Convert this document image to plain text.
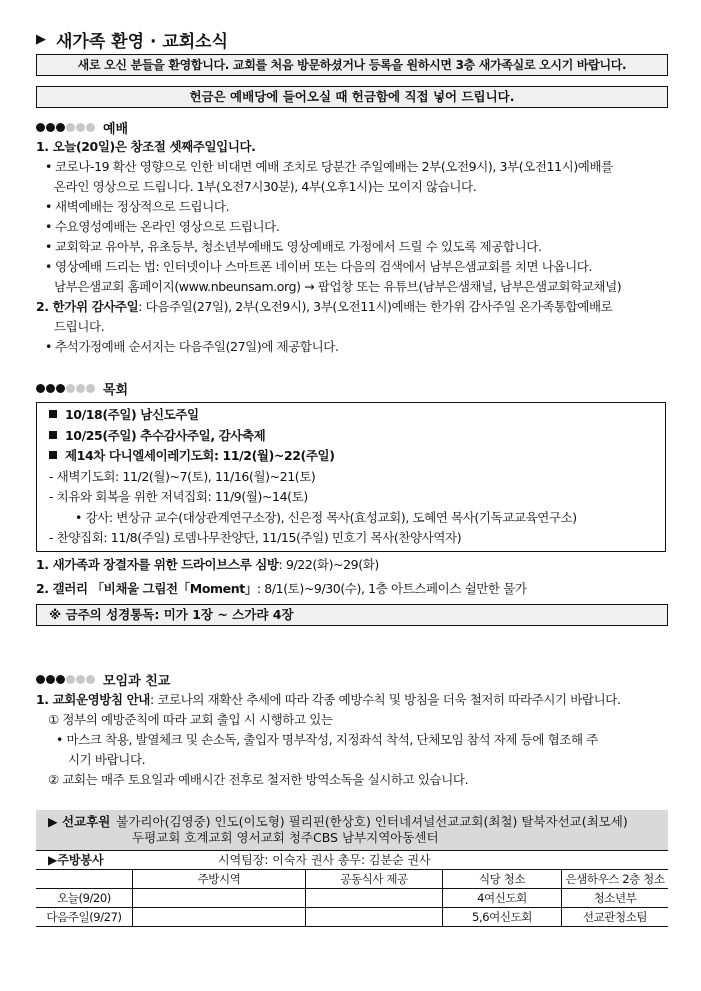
▶ 새가족 환영 · 교회소식
새로 오신 분들을 환영합니다. 교회를 처음 방문하셨거나 등록을 원하시면 3층 새가족실로 오시기 바랍니다.
헌금은 예배당에 들어오실 때 헌금함에 직접 넣어 드립니다.
예배
1. 오늘(20일)은 창조절 셋째주일입니다.
• 코로나-19 확산 영향으로 인한 비대면 예배 조치로 당분간 주일예배는 2부(오전9시), 3부(오전11시)예배를
온라인 영상으로 드립니다. 1부(오전7시30분), 4부(오후1시)는 모이지 않습니다.
• 새벽예배는 정상적으로 드립니다.
• 수요영성예배는 온라인 영상으로 드립니다.
• 교회학교 유아부, 유초등부, 청소년부예배도 영상예배로 가정에서 드릴 수 있도록 제공합니다.
• 영상예배 드리는 법: 인터넷이나 스마트폰 네이버 또는 다음의 검색에서 남부은샘교회를 치면 나옵니다.
남부은샘교회 홈페이지(www.nbeunsam.org) → 팝업창 또는 유튜브(남부은샘채널, 남부은샘교회학교채널)
2. 한가위 감사주일: 다음주일(27일), 2부(오전9시), 3부(오전11시)예배는 한가위 감사주일 온가족통합예배로
드립니다.
• 추석가정예배 순서지는 다음주일(27일)에 제공합니다.
목회
10/18(주일) 남신도주일
10/25(주일) 추수감사주일, 감사축제
제14차 다니엘세이레기도회: 11/2(월)~22(주일)
- 새벽기도회: 11/2(월)~7(토), 11/16(월)~21(토)
- 치유와 회복을 위한 저녁집회: 11/9(월)~14(토)
• 강사: 변상규 교수(대상관계연구소장), 신은정 목사(효성교회), 도혜연 목사(기독교교육연구소)
- 찬양집회: 11/8(주일) 로뎀나무찬양단, 11/15(주일) 민호기 목사(찬양사역자)
1. 새가족과 장결자를 위한 드라이브스루 심방: 9/22(화)~29(화)
2. 갤러리 「비채울 그림전「Moment」: 8/1(토)~9/30(수), 1층 아트스페이스 쉴만한 물가
※ 금주의 성경통독: 미가 1장 ~ 스가랴 4장
모임과 친교
1. 교회운영방침 안내: 코로나의 재확산 추세에 따라 각종 예방수칙 및 방침을 더욱 철저히 따라주시기 바랍니다.
① 정부의 예방준칙에 따라 교회 출입 시 시행하고 있는
• 마스크 착용, 발열체크 및 손소독, 출입자 명부작성, 지정좌석 착석, 단체모임 참석 자제 등에 협조해 주
시기 바랍니다.
② 교회는 매주 토요일과 예배시간 전후로 철저한 방역소독을 실시하고 있습니다.
▶ 선교후원 불가리아(김영중) 인도(이도형) 필리핀(한상호) 인터네셔널선교교회(최철) 탈북자선교(최모세)
두평교회 호계교회 영서교회 청주CBS 남부지역아동센터
▶주방봉사	시역팀장: 이숙자 권사 총무: 김분순 권사
	주방시역	공동식사 제공	식당 청소	은샘하우스 2층 청소
오늘(9/20)			4여신도회	청소년부
다음주일(9/27)			5,6여신도회	선교관청소팀
